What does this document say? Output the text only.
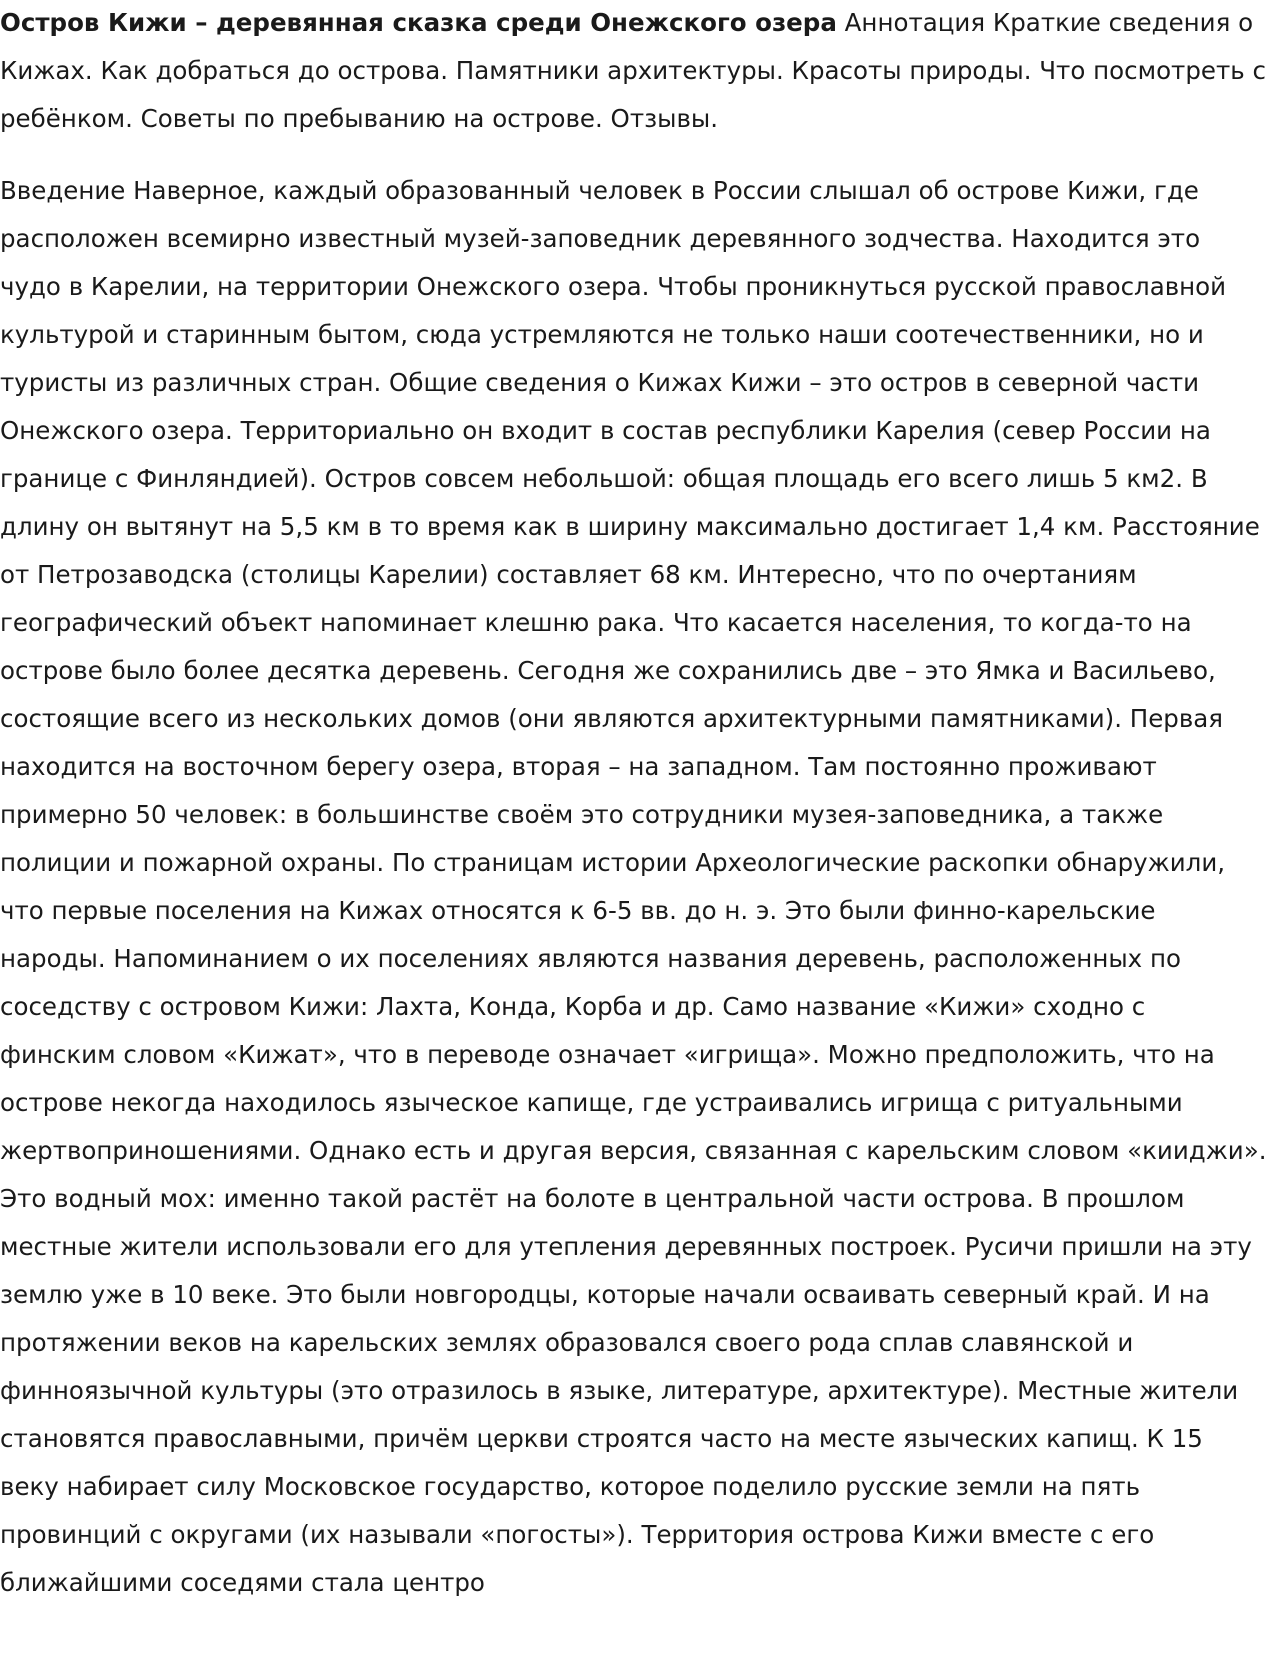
Остров Кижи – деревянная сказка среди Онежского озера Аннотация Краткие сведения о Кижах. Как добраться до острова. Памятники архитектуры. Красоты природы. Что посмотреть с ребёнком. Советы по пребыванию на острове. Отзывы.

Введение Наверное, каждый образованный человек в России слышал об острове Кижи, где расположен всемирно известный музей-заповедник деревянного зодчества. Находится это чудо в Карелии, на территории Онежского озера. Чтобы проникнуться русской православной культурой и старинным бытом, сюда устремляются не только наши соотечественники, но и туристы из различных стран. Общие сведения о Кижах Кижи – это остров в северной части Онежского озера. Территориально он входит в состав республики Карелия (север России на границе с Финляндией). Остров совсем небольшой: общая площадь его всего лишь 5 км2. В длину он вытянут на 5,5 км в то время как в ширину максимально достигает 1,4 км. Расстояние от Петрозаводска (столицы Карелии) составляет 68 км. Интересно, что по очертаниям географический объект напоминает клешню рака. Что касается населения, то когда-то на острове было более десятка деревень. Сегодня же сохранились две – это Ямка и Васильево, состоящие всего из нескольких домов (они являются архитектурными памятниками). Первая находится на восточном берегу озера, вторая – на западном. Там постоянно проживают примерно 50 человек: в большинстве своём это сотрудники музея-заповедника, а также полиции и пожарной охраны. По страницам истории Археологические раскопки обнаружили, что первые поселения на Кижах относятся к 6-5 вв. до н. э. Это были финно-карельские народы. Напоминанием о их поселениях являются названия деревень, расположенных по соседству с островом Кижи: Лахта, Конда, Корба и др. Само название «Кижи» сходно с финским словом «Кижат», что в переводе означает «игрища». Можно предположить, что на острове некогда находилось языческое капище, где устраивались игрища с ритуальными жертвоприношениями. Однако есть и другая версия, связанная с карельским словом «кииджи». Это водный мох: именно такой растёт на болоте в центральной части острова. В прошлом местные жители использовали его для утепления деревянных построек. Русичи пришли на эту землю уже в 10 веке. Это были новгородцы, которые начали осваивать северный край. И на протяжении веков на карельских землях образовался своего рода сплав славянской и финноязычной культуры (это отразилось в языке, литературе, архитектуре). Местные жители становятся православными, причём церкви строятся часто на месте языческих капищ. К 15 веку набирает силу Московское государство, которое поделило русские земли на пять провинций с округами (их называли «погосты»). Территория острова Кижи вместе с его ближайшими соседями стала центро
